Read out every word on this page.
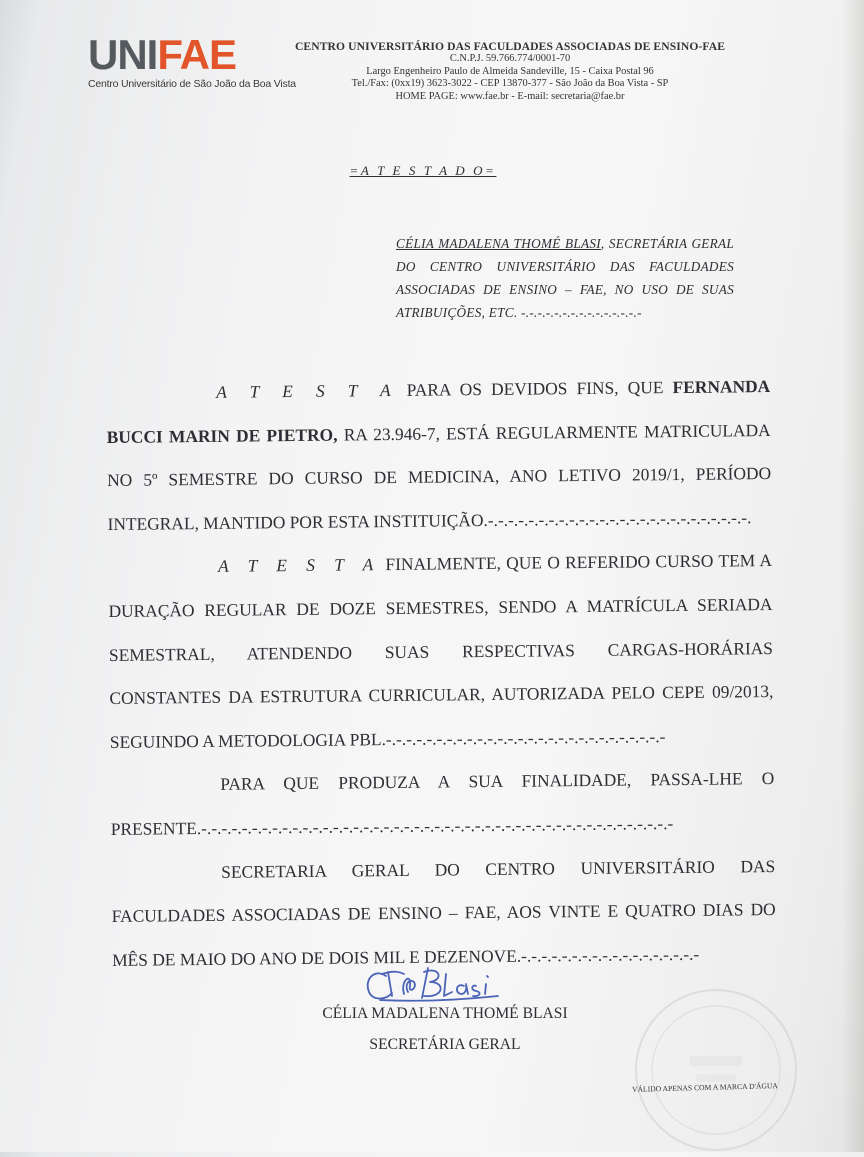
UNIFAE
Centro Universitário de São João da Boa Vista
CENTRO UNIVERSITÁRIO DAS FACULDADES ASSOCIADAS DE ENSINO-FAE
C.N.P.J. 59.766.774/0001-70
Largo Engenheiro Paulo de Almeida Sandeville, 15 - Caixa Postal 96
Tel./Fax: (0xx19) 3623-3022 - CEP 13870-377 - São João da Boa Vista - SP
HOME PAGE: www.fae.br - E-mail: secretaria@fae.br
=A T E S T A D O=
CÉLIA MADALENA THOMÉ BLASI, SECRETÁRIA GERAL DO CENTRO UNIVERSITÁRIO DAS FACULDADES ASSOCIADAS DE ENSINO – FAE, NO USO DE SUAS ATRIBUIÇÕES, ETC. -.-.-.-.-.-.-.-.-.-.-.-.-.-.-

A T E S T A PARA OS DEVIDOS FINS, QUE FERNANDA BUCCI MARIN DE PIETRO, RA 23.946-7, ESTÁ REGULARMENTE MATRICULADA NO 5º SEMESTRE DO CURSO DE MEDICINA, ANO LETIVO 2019/1, PERÍODO INTEGRAL, MANTIDO POR ESTA INSTITUIÇÃO.-.-.-.-.-.-.-.-.-.-.-.-.-.-.-.-.-.-.-.-.-.-.-.-.-.-.

A T E S T A FINALMENTE, QUE O REFERIDO CURSO TEM A DURAÇÃO REGULAR DE DOZE SEMESTRES, SENDO A MATRÍCULA SERIADA SEMESTRAL, ATENDENDO SUAS RESPECTIVAS CARGAS-HORÁRIAS CONSTANTES DA ESTRUTURA CURRICULAR, AUTORIZADA PELO CEPE 09/2013, SEGUINDO A METODOLOGIA PBL.-.-.-.-.-.-.-.-.-.-.-.-.-.-.-.-.-.-.-.-.-.-.-.-.-.-.-.-

PARA QUE PRODUZA A SUA FINALIDADE, PASSA-LHE O PRESENTE.-.-.-.-.-.-.-.-.-.-.-.-.-.-.-.-.-.-.-.-.-.-.-.-.-.-.-.-.-.-.-.-.-.-.-.-.-.-.-.-.-.-.-.-.-.-.-

SECRETARIA GERAL DO CENTRO UNIVERSITÁRIO DAS FACULDADES ASSOCIADAS DE ENSINO – FAE, AOS VINTE E QUATRO DIAS DO MÊS DE MAIO DO ANO DE DOIS MIL E DEZENOVE.-.-.-.-.-.-.-.-.-.-.-.-.-.-.-.-.-.-

CÉLIA MADALENA THOMÉ BLASI
SECRETÁRIA GERAL
VÁLIDO APENAS COM A MARCA D'ÁGUA
